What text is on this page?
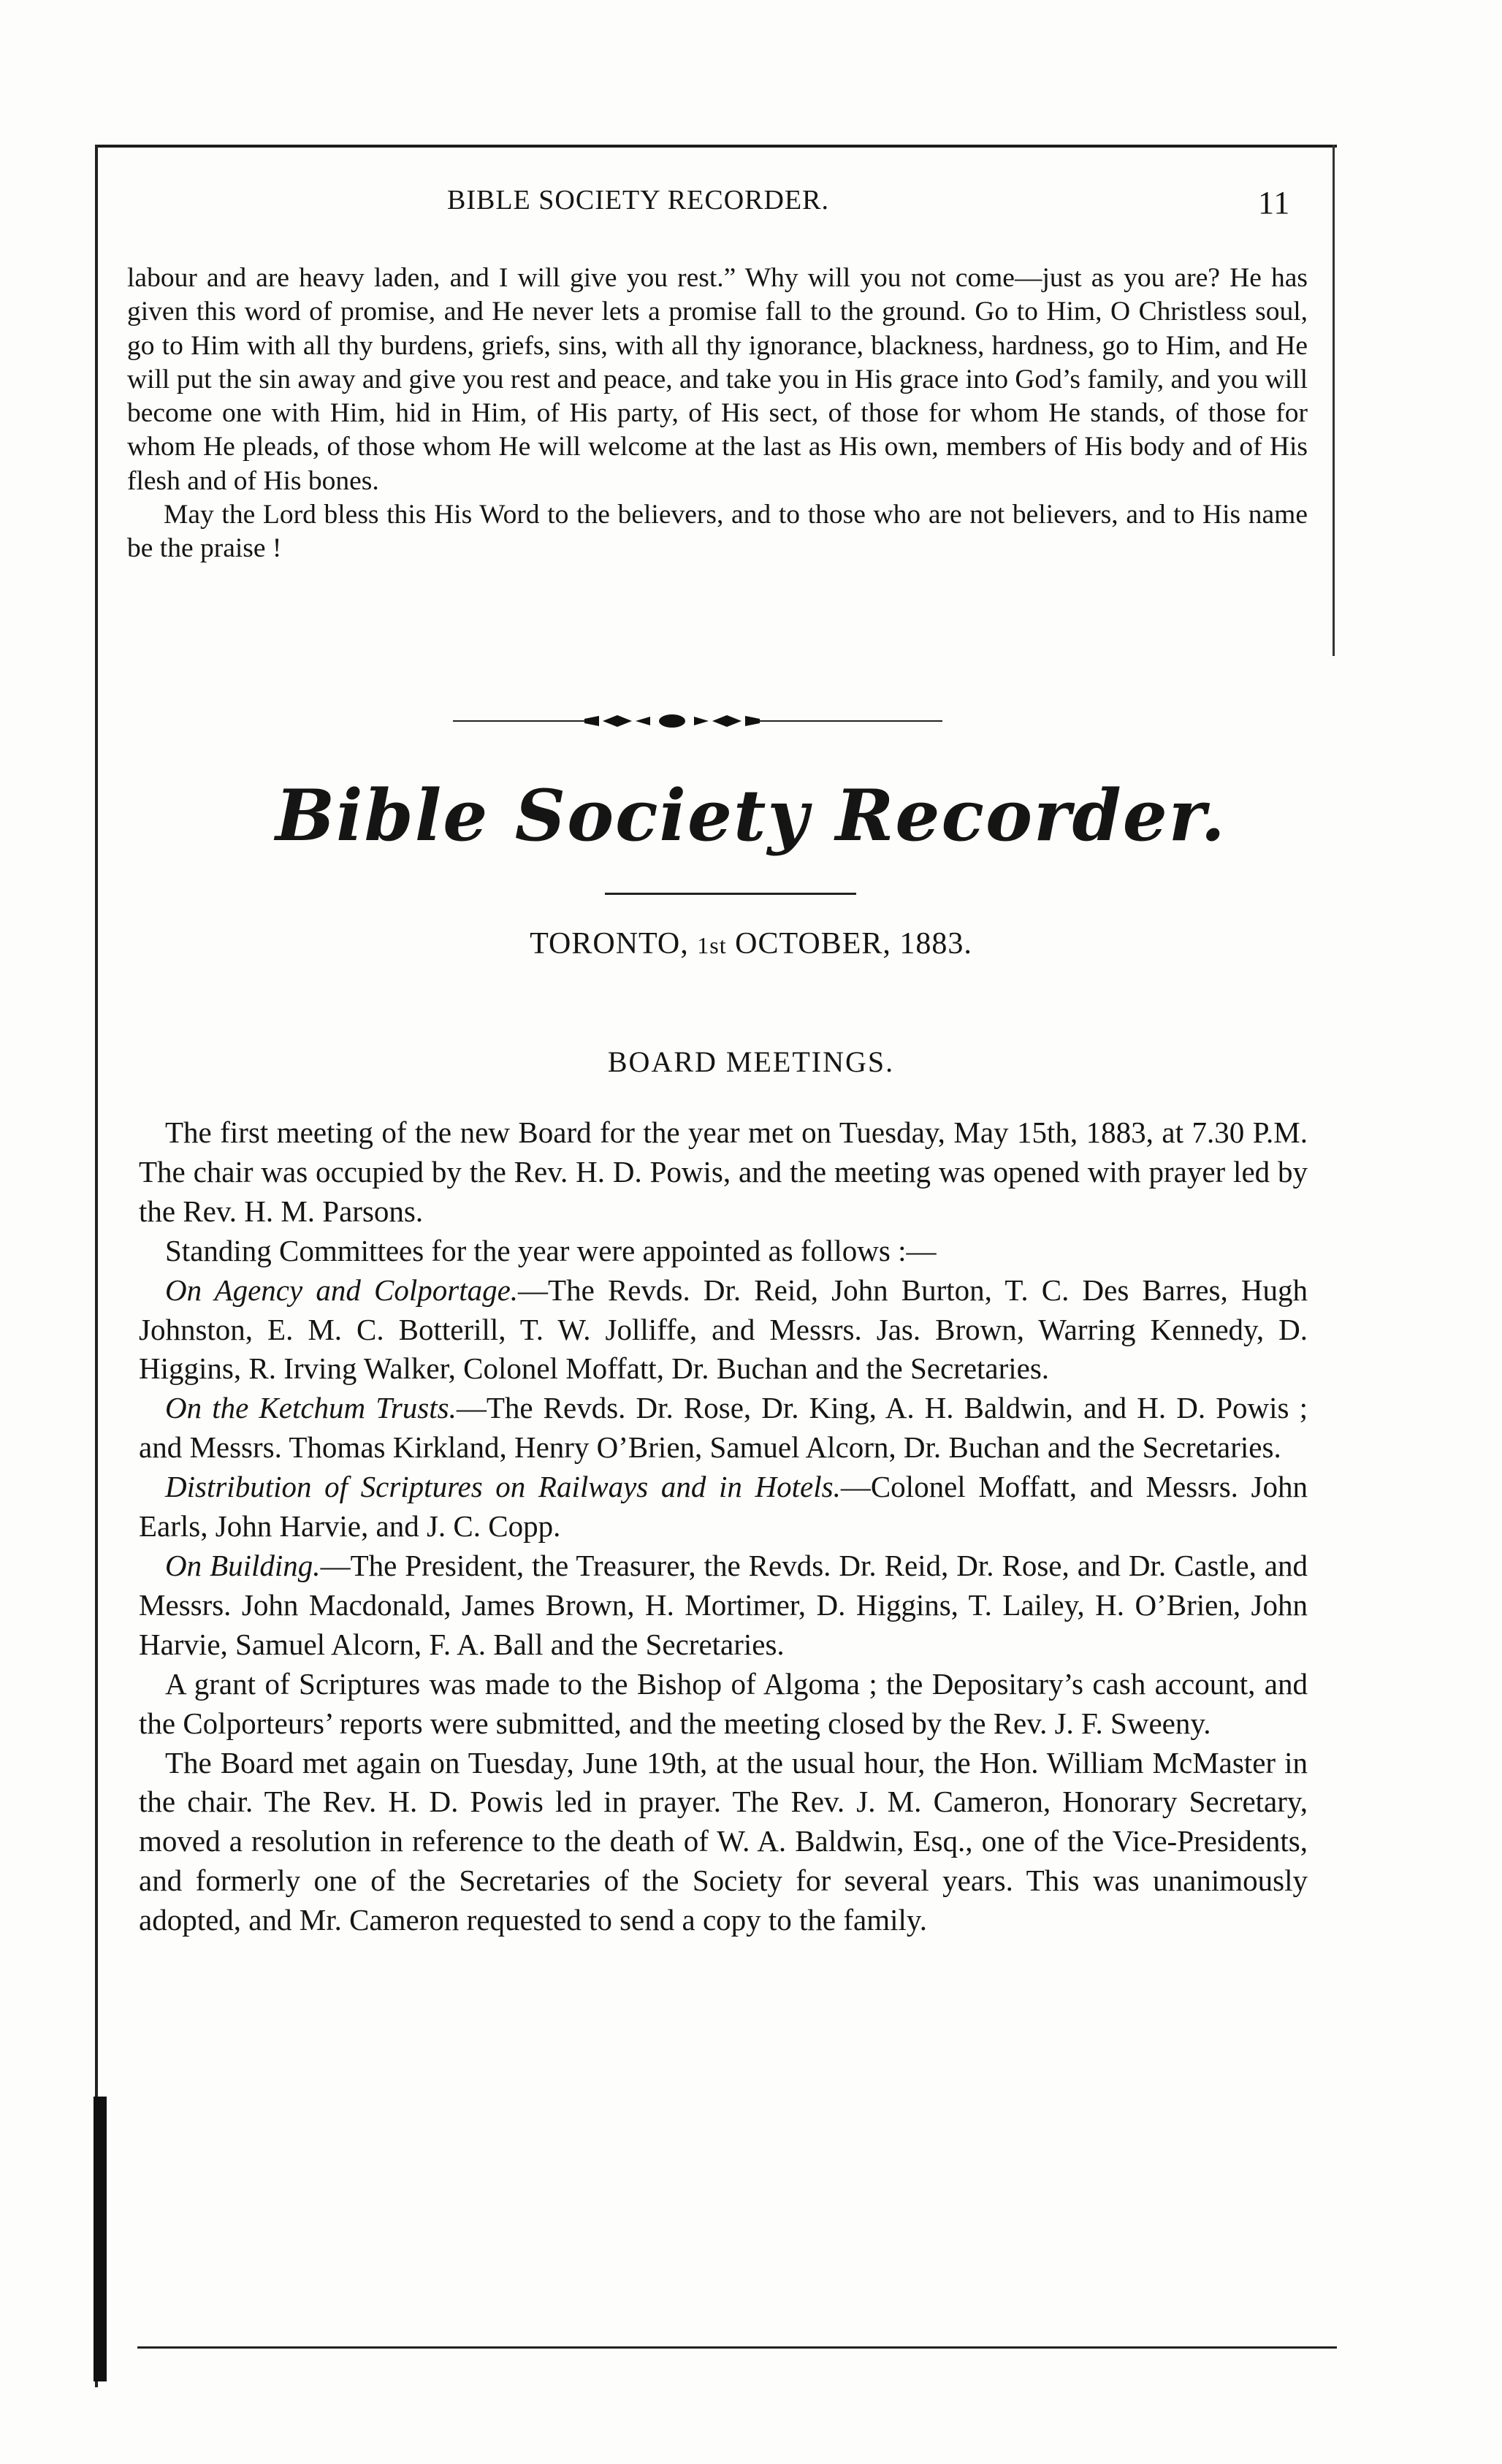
BIBLE SOCIETY RECORDER.	11

labour and are heavy laden, and I will give you rest.” Why will you not come—just as you are? He has given this word of promise, and He never lets a promise fall to the ground. Go to Him, O Christless soul, go to Him with all thy burdens, griefs, sins, with all thy ignorance, blackness, hardness, go to Him, and He will put the sin away and give you rest and peace, and take you in His grace into God’s family, and you will become one with Him, hid in Him, of His party, of His sect, of those for whom He stands, of those for whom He pleads, of those whom He will welcome at the last as His own, members of His body and of His flesh and of His bones.

May the Lord bless this His Word to the believers, and to those who are not believers, and to His name be the praise !

Bible Society Recorder.
TORONTO, 1st OCTOBER, 1883.
BOARD MEETINGS.

The first meeting of the new Board for the year met on Tuesday, May 15th, 1883, at 7.30 P.M. The chair was occupied by the Rev. H. D. Powis, and the meeting was opened with prayer led by the Rev. H. M. Parsons.

Standing Committees for the year were appointed as follows :—

On Agency and Colportage.—The Revds. Dr. Reid, John Burton, T. C. Des Barres, Hugh Johnston, E. M. C. Botterill, T. W. Jolliffe, and Messrs. Jas. Brown, Warring Kennedy, D. Higgins, R. Irving Walker, Colonel Moffatt, Dr. Buchan and the Secretaries.

On the Ketchum Trusts.—The Revds. Dr. Rose, Dr. King, A. H. Baldwin, and H. D. Powis ; and Messrs. Thomas Kirkland, Henry O’Brien, Samuel Alcorn, Dr. Buchan and the Secretaries.

Distribution of Scriptures on Railways and in Hotels.—Colonel Moffatt, and Messrs. John Earls, John Harvie, and J. C. Copp.

On Building.—The President, the Treasurer, the Revds. Dr. Reid, Dr. Rose, and Dr. Castle, and Messrs. John Macdonald, James Brown, H. Mortimer, D. Higgins, T. Lailey, H. O’Brien, John Harvie, Samuel Alcorn, F. A. Ball and the Secretaries.

A grant of Scriptures was made to the Bishop of Algoma ; the Depositary’s cash account, and the Colporteurs’ reports were submitted, and the meeting closed by the Rev. J. F. Sweeny.

The Board met again on Tuesday, June 19th, at the usual hour, the Hon. William McMaster in the chair. The Rev. H. D. Powis led in prayer. The Rev. J. M. Cameron, Honorary Secretary, moved a resolution in reference to the death of W. A. Baldwin, Esq., one of the Vice-Presidents, and formerly one of the Secretaries of the Society for several years. This was unanimously adopted, and Mr. Cameron requested to send a copy to the family.
